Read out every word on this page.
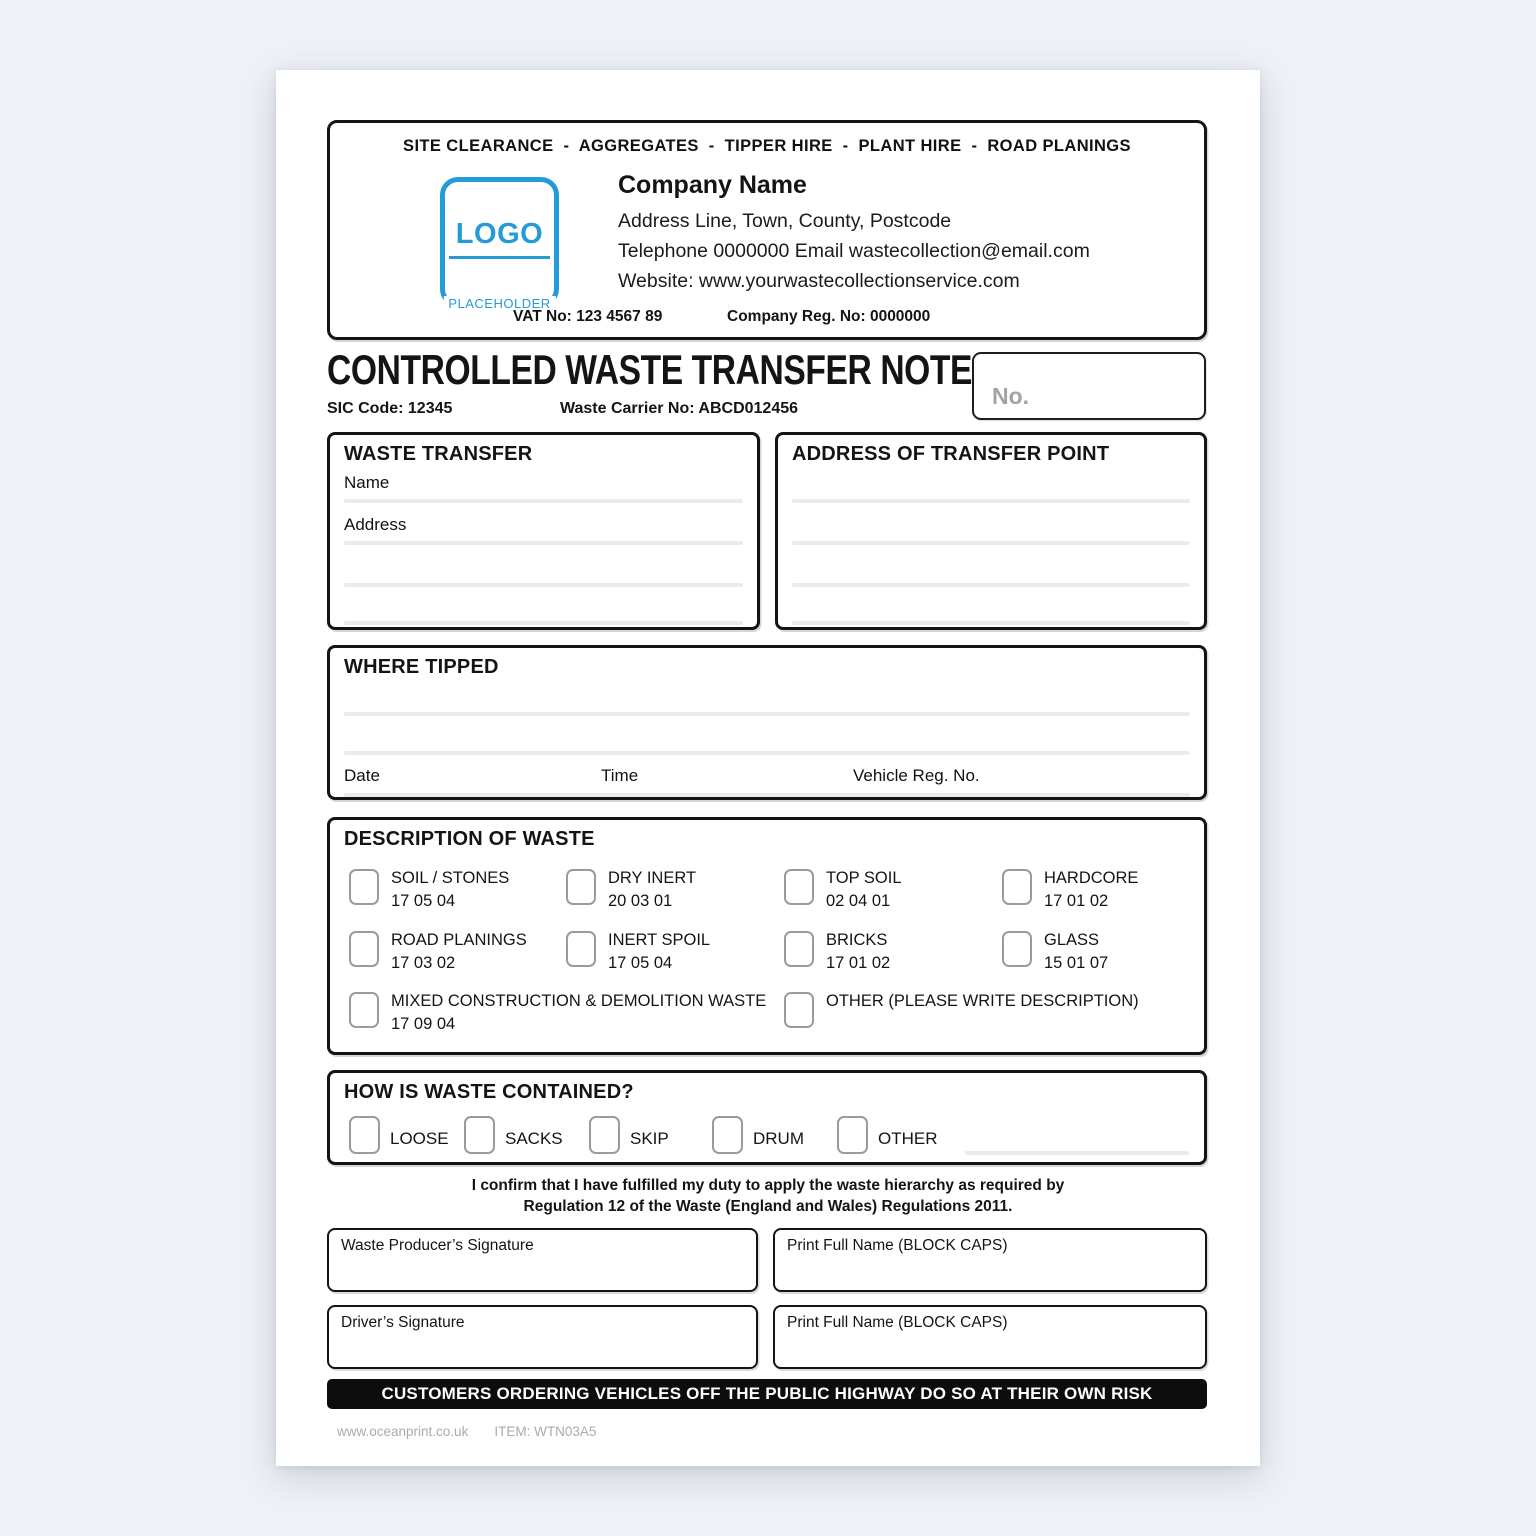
SITE CLEARANCE  -  AGGREGATES  -  TIPPER HIRE  -  PLANT HIRE  -  ROAD PLANINGS
LOGO
PLACEHOLDER
Company Name
Address Line, Town, County, Postcode
Telephone 0000000 Email wastecollection@email.com
Website: www.yourwastecollectionservice.com
VAT No: 123 4567 89	Company Reg. No: 0000000
CONTROLLED WASTE TRANSFER NOTE
SIC Code: 12345	Waste Carrier No: ABCD012456	No.
WASTE TRANSFER
Name
Address
ADDRESS OF TRANSFER POINT
WHERE TIPPED
Date	Time	Vehicle Reg. No.
DESCRIPTION OF WASTE
SOIL / STONES
17 05 04
DRY INERT
20 03 01
TOP SOIL
02 04 01
HARDCORE
17 01 02
ROAD PLANINGS
17 03 02
INERT SPOIL
17 05 04
BRICKS
17 01 02
GLASS
15 01 07
MIXED CONSTRUCTION & DEMOLITION WASTE
17 09 04
OTHER (PLEASE WRITE DESCRIPTION)
HOW IS WASTE CONTAINED?
LOOSE	SACKS	SKIP	DRUM	OTHER
I confirm that I have fulfilled my duty to apply the waste hierarchy as required by
Regulation 12 of the Waste (England and Wales) Regulations 2011.
Waste Producer’s Signature	Print Full Name (BLOCK CAPS)
Driver’s Signature	Print Full Name (BLOCK CAPS)
CUSTOMERS ORDERING VEHICLES OFF THE PUBLIC HIGHWAY DO SO AT THEIR OWN RISK
www.oceanprint.co.uk ITEM: WTN03A5
